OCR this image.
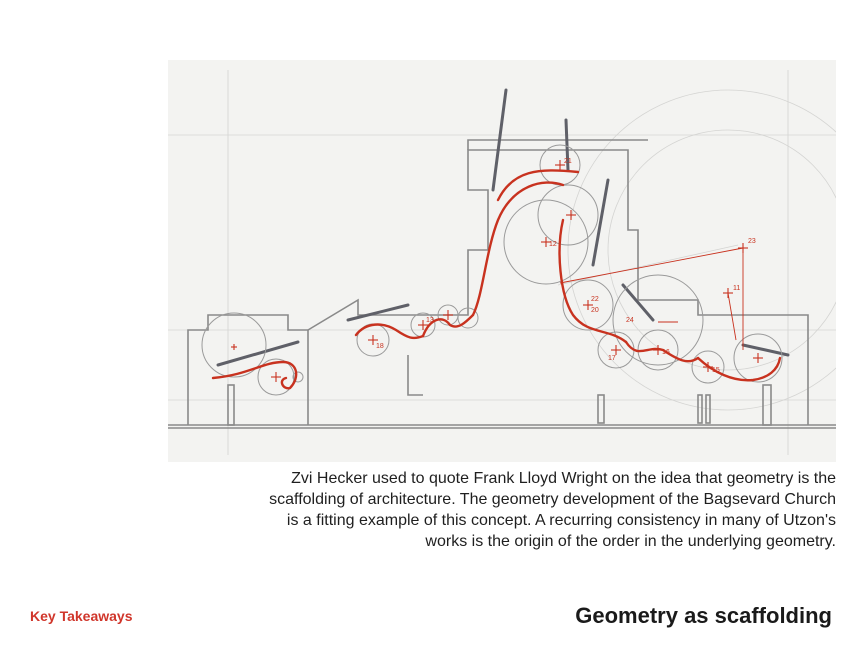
21
23
24
12
11
18
22
20
17
16
15
13
Zvi Hecker used to quote Frank Lloyd Wright on the idea that geometry is the scaffolding of architecture. The geometry development of the Bagsevard Church is a fitting example of this concept. A recurring consistency in many of Utzon's works is the origin of the order in the underlying geometry.
Key Takeaways	Geometry as scaffolding
